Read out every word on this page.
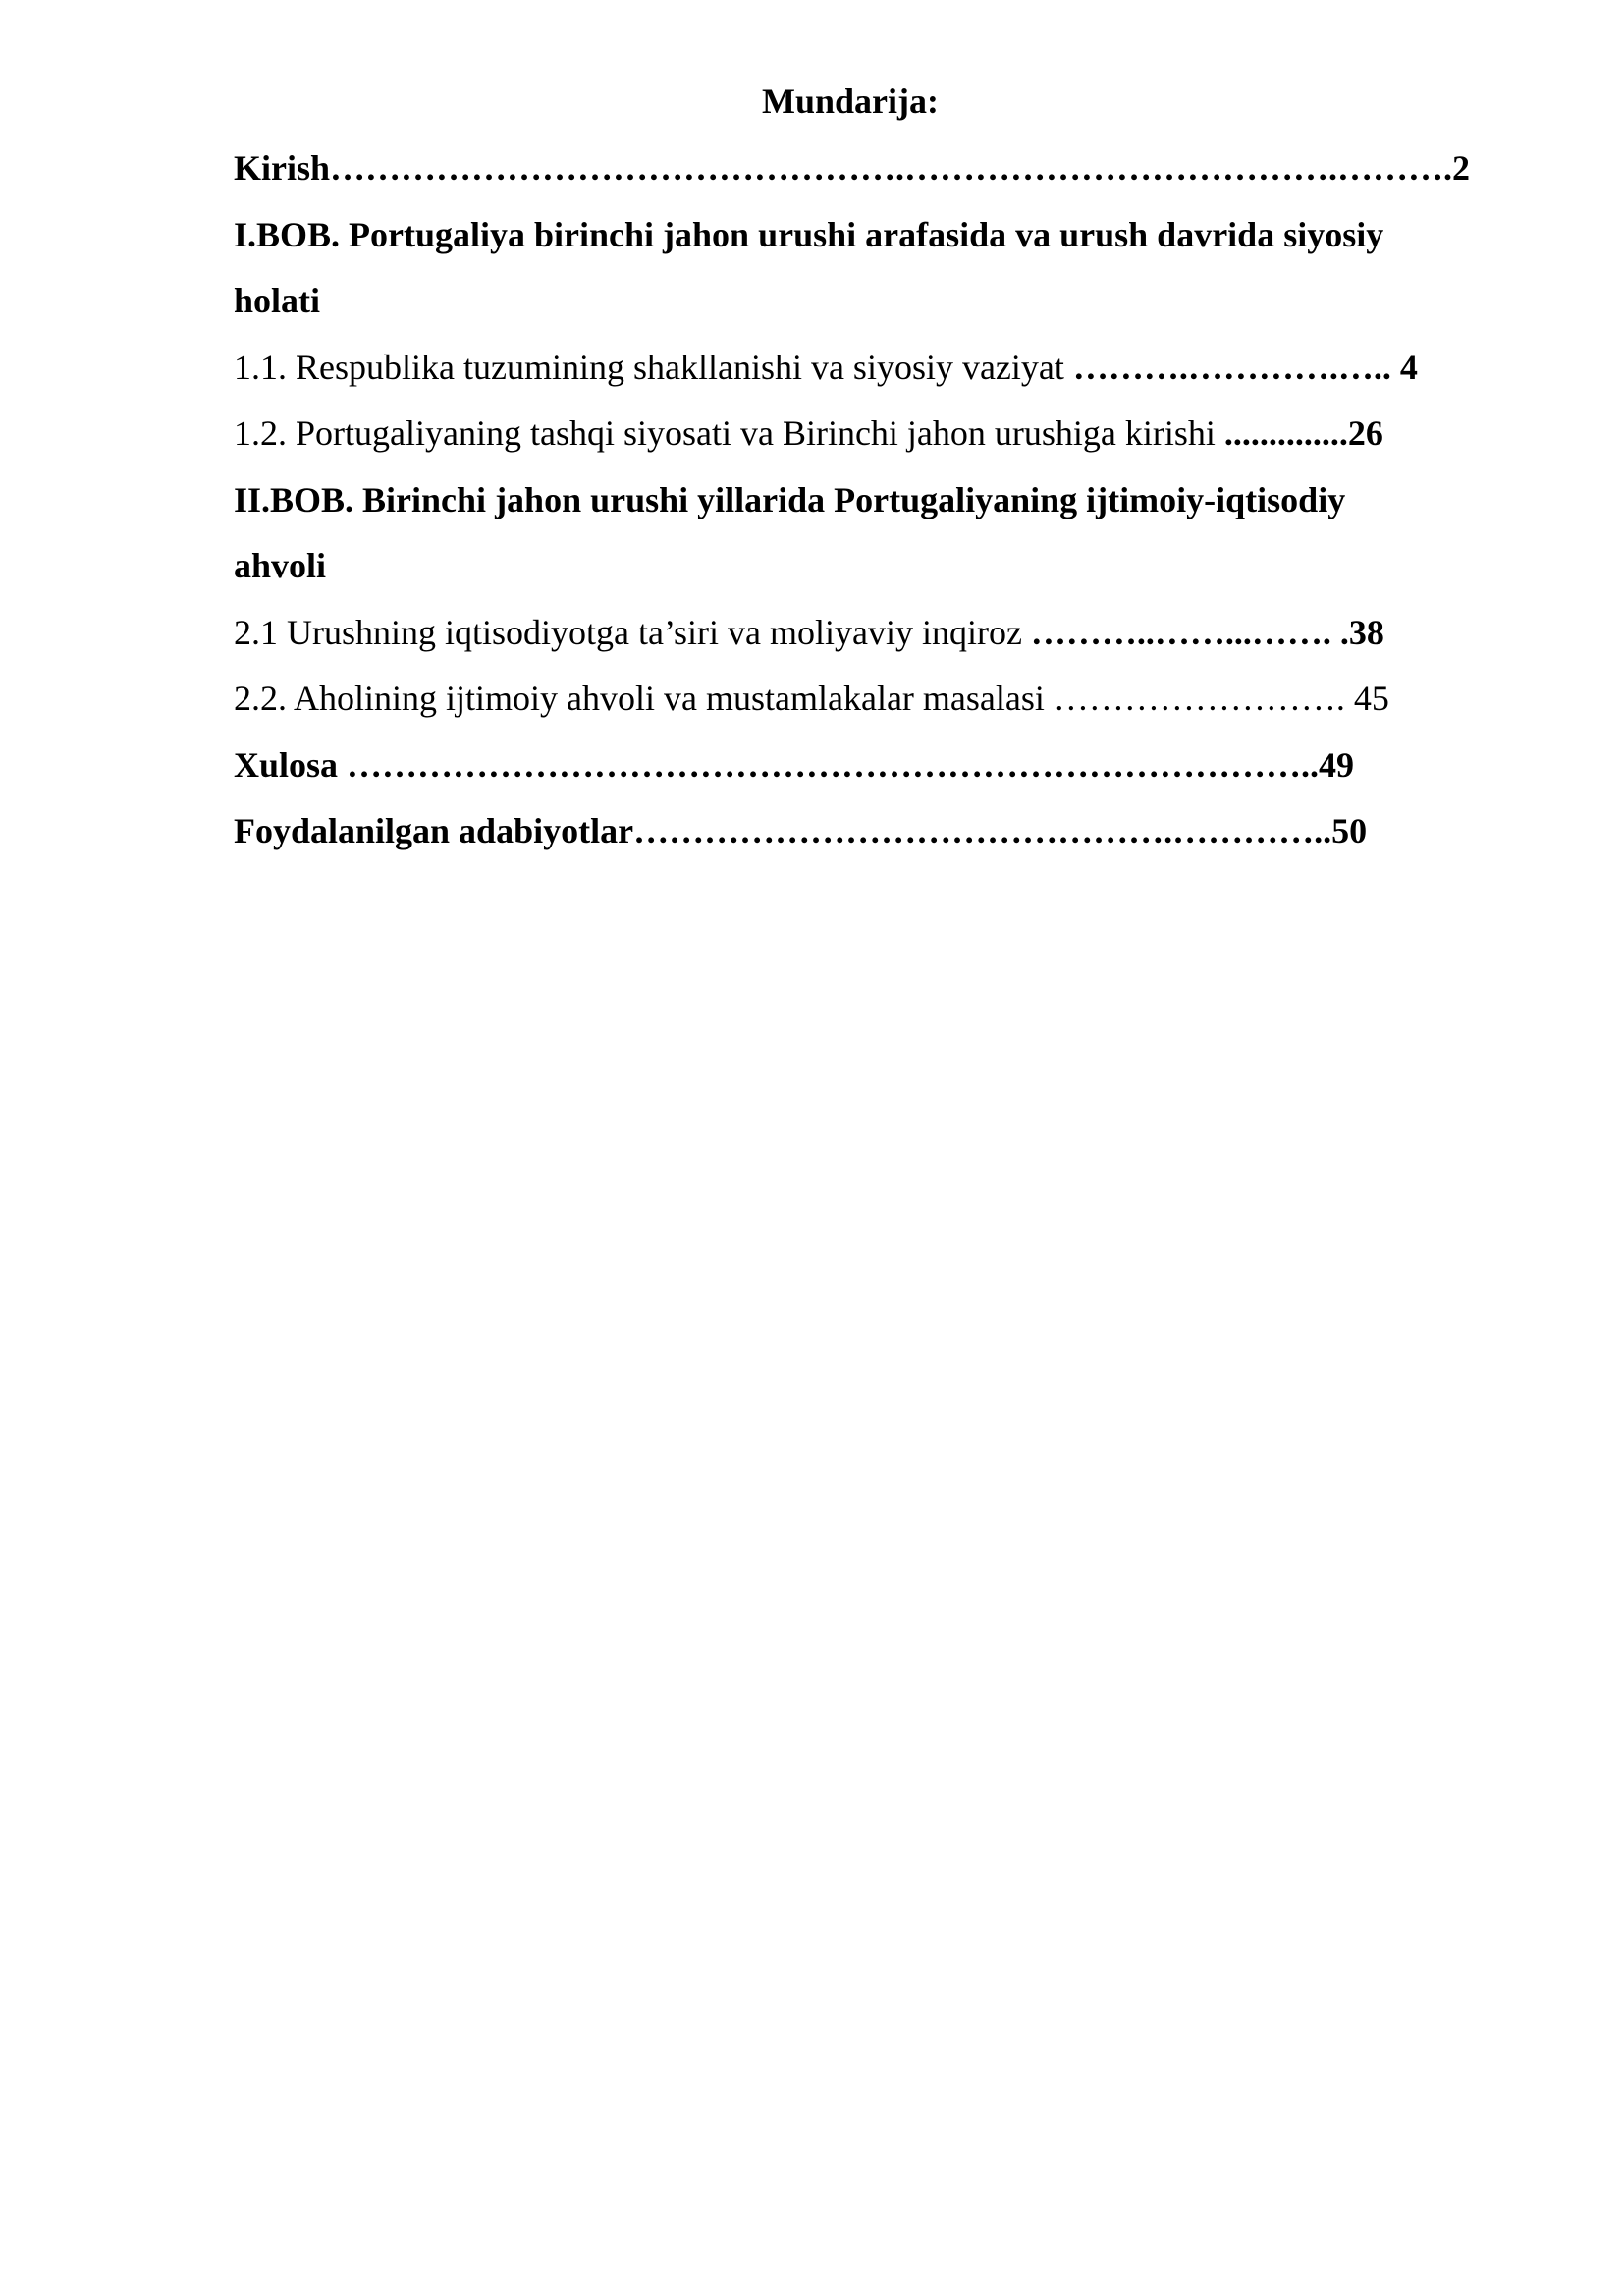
Mundarija:
Kirish………………………………………….……………………………….……….2
I.BOB. Portugaliya birinchi jahon urushi arafasida va urush davrida siyosiy
holati
1.1. Respublika tuzumining shakllanishi va siyosiy vaziyat ……….………….….. 4
1.2. Portugaliyaning tashqi siyosati va Birinchi jahon urushiga kirishi ..............26
II.BOB. Birinchi jahon urushi yillarida Portugaliyaning ijtimoiy-iqtisodiy
ahvoli
2.1 Urushning iqtisodiyotga ta’siri va moliyaviy inqiroz ………..……...……. .38
2.2. Aholining ijtimoiy ahvoli va mustamlakalar masalasi ……………………. 45
Xulosa ………………………………………………………………………..49
Foydalanilgan adabiyotlar……………………………………….…………..50
